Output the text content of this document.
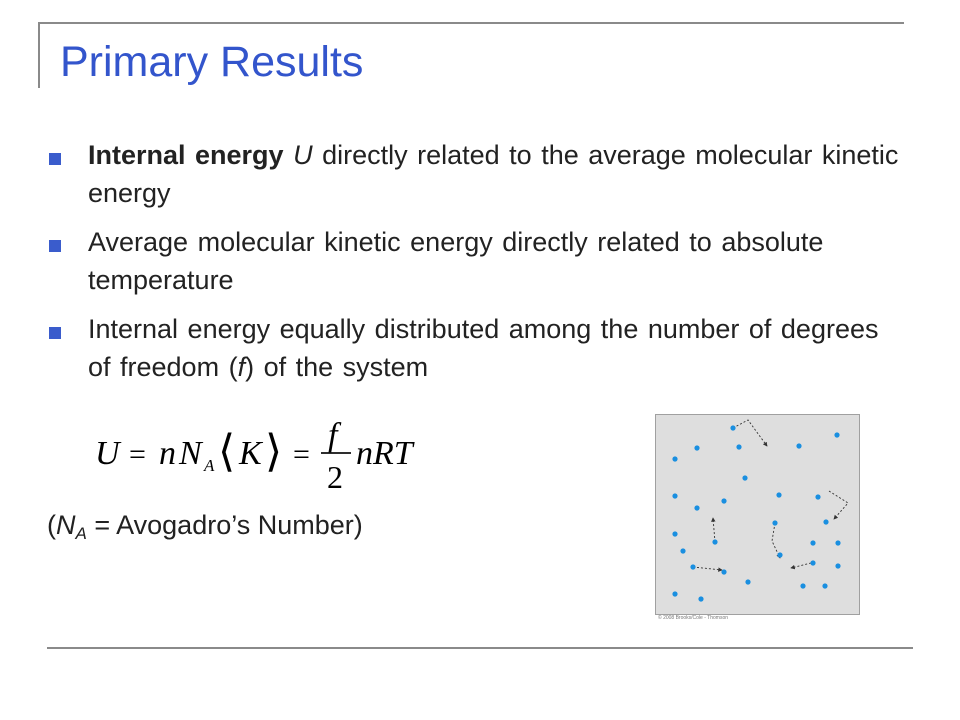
Primary Results
Internal energy U directly related to the average molecular kinetic energy
Average molecular kinetic energy directly related to absolute temperature
Internal energy equally distributed among the number of degrees of freedom (f) of the system
U = n N A ⟨ K ⟩ =
f
2
nRT
($N_A$ = Avogadro’s Number)
© 2008 Brooks/Cole - Thomson
